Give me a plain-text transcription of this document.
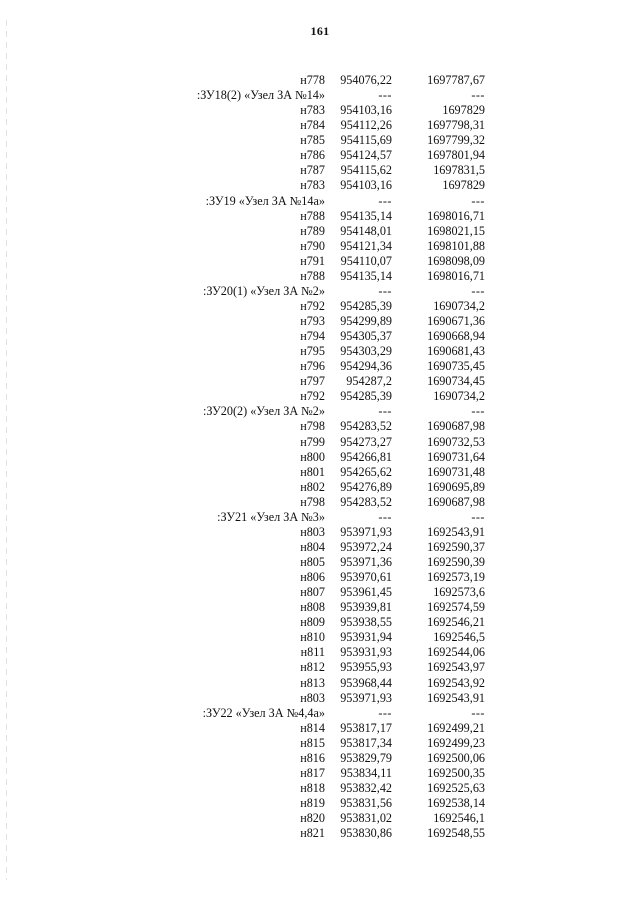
161
н778	954076,22	1697787,67
:ЗУ18(2) «Узел ЗА №14»	---	---
н783	954103,16	1697829
н784	954112,26	1697798,31
н785	954115,69	1697799,32
н786	954124,57	1697801,94
н787	954115,62	1697831,5
н783	954103,16	1697829
:ЗУ19 «Узел ЗА №14а»	---	---
н788	954135,14	1698016,71
н789	954148,01	1698021,15
н790	954121,34	1698101,88
н791	954110,07	1698098,09
н788	954135,14	1698016,71
:ЗУ20(1) «Узел ЗА №2»	---	---
н792	954285,39	1690734,2
н793	954299,89	1690671,36
н794	954305,37	1690668,94
н795	954303,29	1690681,43
н796	954294,36	1690735,45
н797	954287,2	1690734,45
н792	954285,39	1690734,2
:ЗУ20(2) «Узел ЗА №2»	---	---
н798	954283,52	1690687,98
н799	954273,27	1690732,53
н800	954266,81	1690731,64
н801	954265,62	1690731,48
н802	954276,89	1690695,89
н798	954283,52	1690687,98
:ЗУ21 «Узел ЗА №3»	---	---
н803	953971,93	1692543,91
н804	953972,24	1692590,37
н805	953971,36	1692590,39
н806	953970,61	1692573,19
н807	953961,45	1692573,6
н808	953939,81	1692574,59
н809	953938,55	1692546,21
н810	953931,94	1692546,5
н811	953931,93	1692544,06
н812	953955,93	1692543,97
н813	953968,44	1692543,92
н803	953971,93	1692543,91
:ЗУ22 «Узел ЗА №4,4а»	---	---
н814	953817,17	1692499,21
н815	953817,34	1692499,23
н816	953829,79	1692500,06
н817	953834,11	1692500,35
н818	953832,42	1692525,63
н819	953831,56	1692538,14
н820	953831,02	1692546,1
н821	953830,86	1692548,55
